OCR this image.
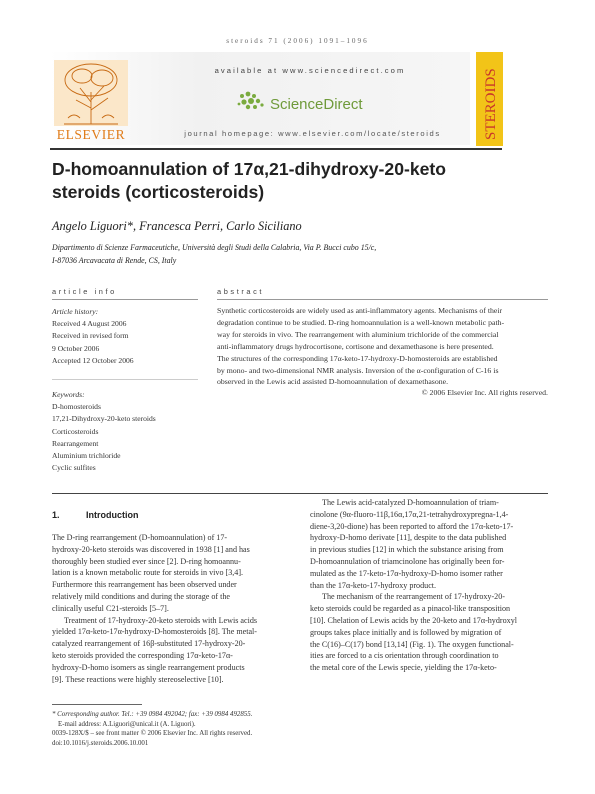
steroids 71 (2006) 1091–1096
ELSEVIER
available at www.sciencedirect.com
ScienceDirect
journal homepage: www.elsevier.com/locate/steroids	STEROIDS
D-homoannulation of 17α,21-dihydroxy-20-keto
steroids (corticosteroids)
Angelo Liguori*, Francesca Perri, Carlo Siciliano
Dipartimento di Scienze Farmaceutiche, Università degli Studi della Calabria, Via P. Bucci cubo 15/c,
I-87036 Arcavacata di Rende, CS, Italy
article info
Article history:
Received 4 August 2006
Received in revised form
9 October 2006
Accepted 12 October 2006
Keywords:
D-homosteroids
17,21-Dihydroxy-20-keto steroids
Corticosteroids
Rearrangement
Aluminium trichloride
Cyclic sulfites
abstract
Synthetic corticosteroids are widely used as anti-inflammatory agents. Mechanisms of their
degradation continue to be studied. D-ring homoannulation is a well-known metabolic path-
way for steroids in vivo. The rearrangement with aluminium trichloride of the commercial
anti-inflammatory drugs hydrocortisone, cortisone and dexamethasone is here presented.
The structures of the corresponding 17α-keto-17-hydroxy-D-homosteroids are established
by mono- and two-dimensional NMR analysis. Inversion of the α-configuration of C-16 is
observed in the Lewis acid assisted D-homoannulation of dexamethasone.
© 2006 Elsevier Inc. All rights reserved.
1.	Introduction
The D-ring rearrangement (D-homoannulation) of 17-
hydroxy-20-keto steroids was discovered in 1938 [1] and has
thoroughly been studied ever since [2]. D-ring homoannu-
lation is a known metabolic route for steroids in vivo [3,4].
Furthermore this rearrangement has been observed under
relatively mild conditions and during the storage of the
clinically useful C21-steroids [5–7].
Treatment of 17-hydroxy-20-keto steroids with Lewis acids
yielded 17α-keto-17α-hydroxy-D-homosteroids [8]. The metal-
catalyzed rearrangement of 16β-substituted 17-hydroxy-20-
keto steroids provided the corresponding 17α-keto-17α-
hydroxy-D-homo isomers as single rearrangement products
[9]. These reactions were highly stereoselective [10].
The Lewis acid-catalyzed D-homoannulation of triam-
cinolone (9α-fluoro-11β,16α,17α,21-tetrahydroxypregna-1,4-
diene-3,20-dione) has been reported to afford the 17α-keto-17-
hydroxy-D-homo derivate [11], despite to the data published
in previous studies [12] in which the substance arising from
D-homoannulation of triamcinolone has originally been for-
mulated as the 17-keto-17α-hydroxy-D-homo isomer rather
than the 17α-keto-17-hydroxy product.
The mechanism of the rearrangement of 17-hydroxy-20-
keto steroids could be regarded as a pinacol-like transposition
[10]. Chelation of Lewis acids by the 20-keto and 17α-hydroxyl
groups takes place initially and is followed by migration of
the C(16)–C(17) bond [13,14] (Fig. 1). The oxygen functional-
ities are forced to a cis orientation through coordination to
the metal core of the Lewis specie, yielding the 17α-keto-
* Corresponding author. Tel.: +39 0984 492042; fax: +39 0984 492855.
E-mail address: A.Liguori@unical.it (A. Liguori).
0039-128X/$ – see front matter © 2006 Elsevier Inc. All rights reserved.
doi:10.1016/j.steroids.2006.10.001
